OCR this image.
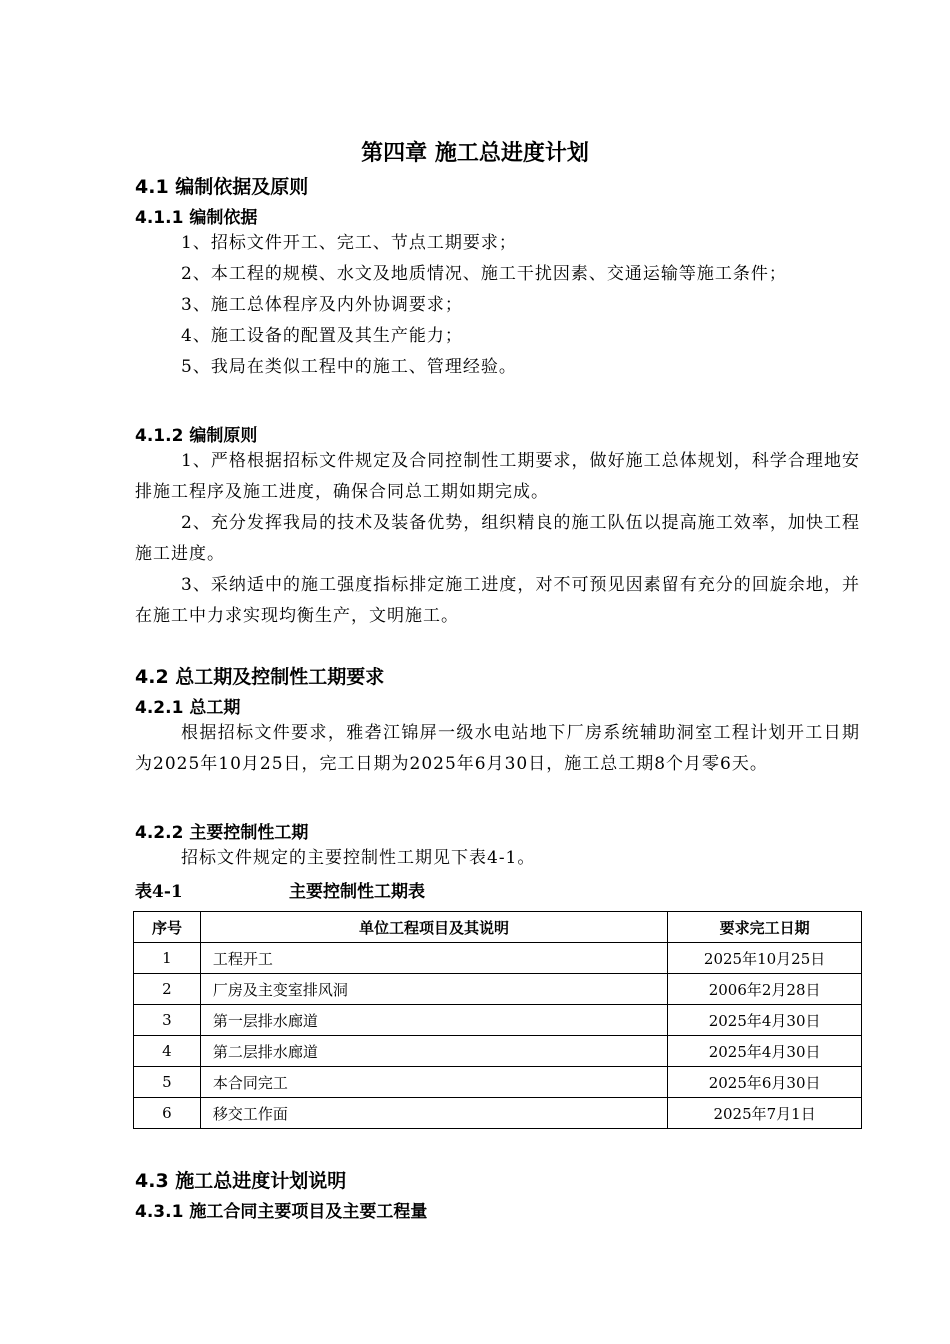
第四章 施工总进度计划
4.1 编制依据及原则
4.1.1 编制依据

1、招标文件开工、完工、节点工期要求；

2、本工程的规模、水文及地质情况、施工干扰因素、交通运输等施工条件；

3、施工总体程序及内外协调要求；

4、施工设备的配置及其生产能力；

5、我局在类似工程中的施工、管理经验。

4.1.2 编制原则

1、严格根据招标文件规定及合同控制性工期要求，做好施工总体规划，科学合理地安排施工程序及施工进度，确保合同总工期如期完成。

2、充分发挥我局的技术及装备优势，组织精良的施工队伍以提高施工效率，加快工程施工进度。

3、采纳适中的施工强度指标排定施工进度，对不可预见因素留有充分的回旋余地，并在施工中力求实现均衡生产，文明施工。

4.2 总工期及控制性工期要求
4.2.1 总工期

根据招标文件要求，雅砻江锦屏一级水电站地下厂房系统辅助洞室工程计划开工日期为2025年10月25日，完工日期为2025年6月30日，施工总工期8个月零6天。

4.2.2 主要控制性工期

招标文件规定的主要控制性工期见下表4-1。

表4-1	主要控制性工期表
序号	单位工程项目及其说明	要求完工日期
1	工程开工	2025年10月25日
2	厂房及主变室排风洞	2006年2月28日
3	第一层排水廊道	2025年4月30日
4	第二层排水廊道	2025年4月30日
5	本合同完工	2025年6月30日
6	移交工作面	2025年7月1日
4.3 施工总进度计划说明
4.3.1 施工合同主要项目及主要工程量
